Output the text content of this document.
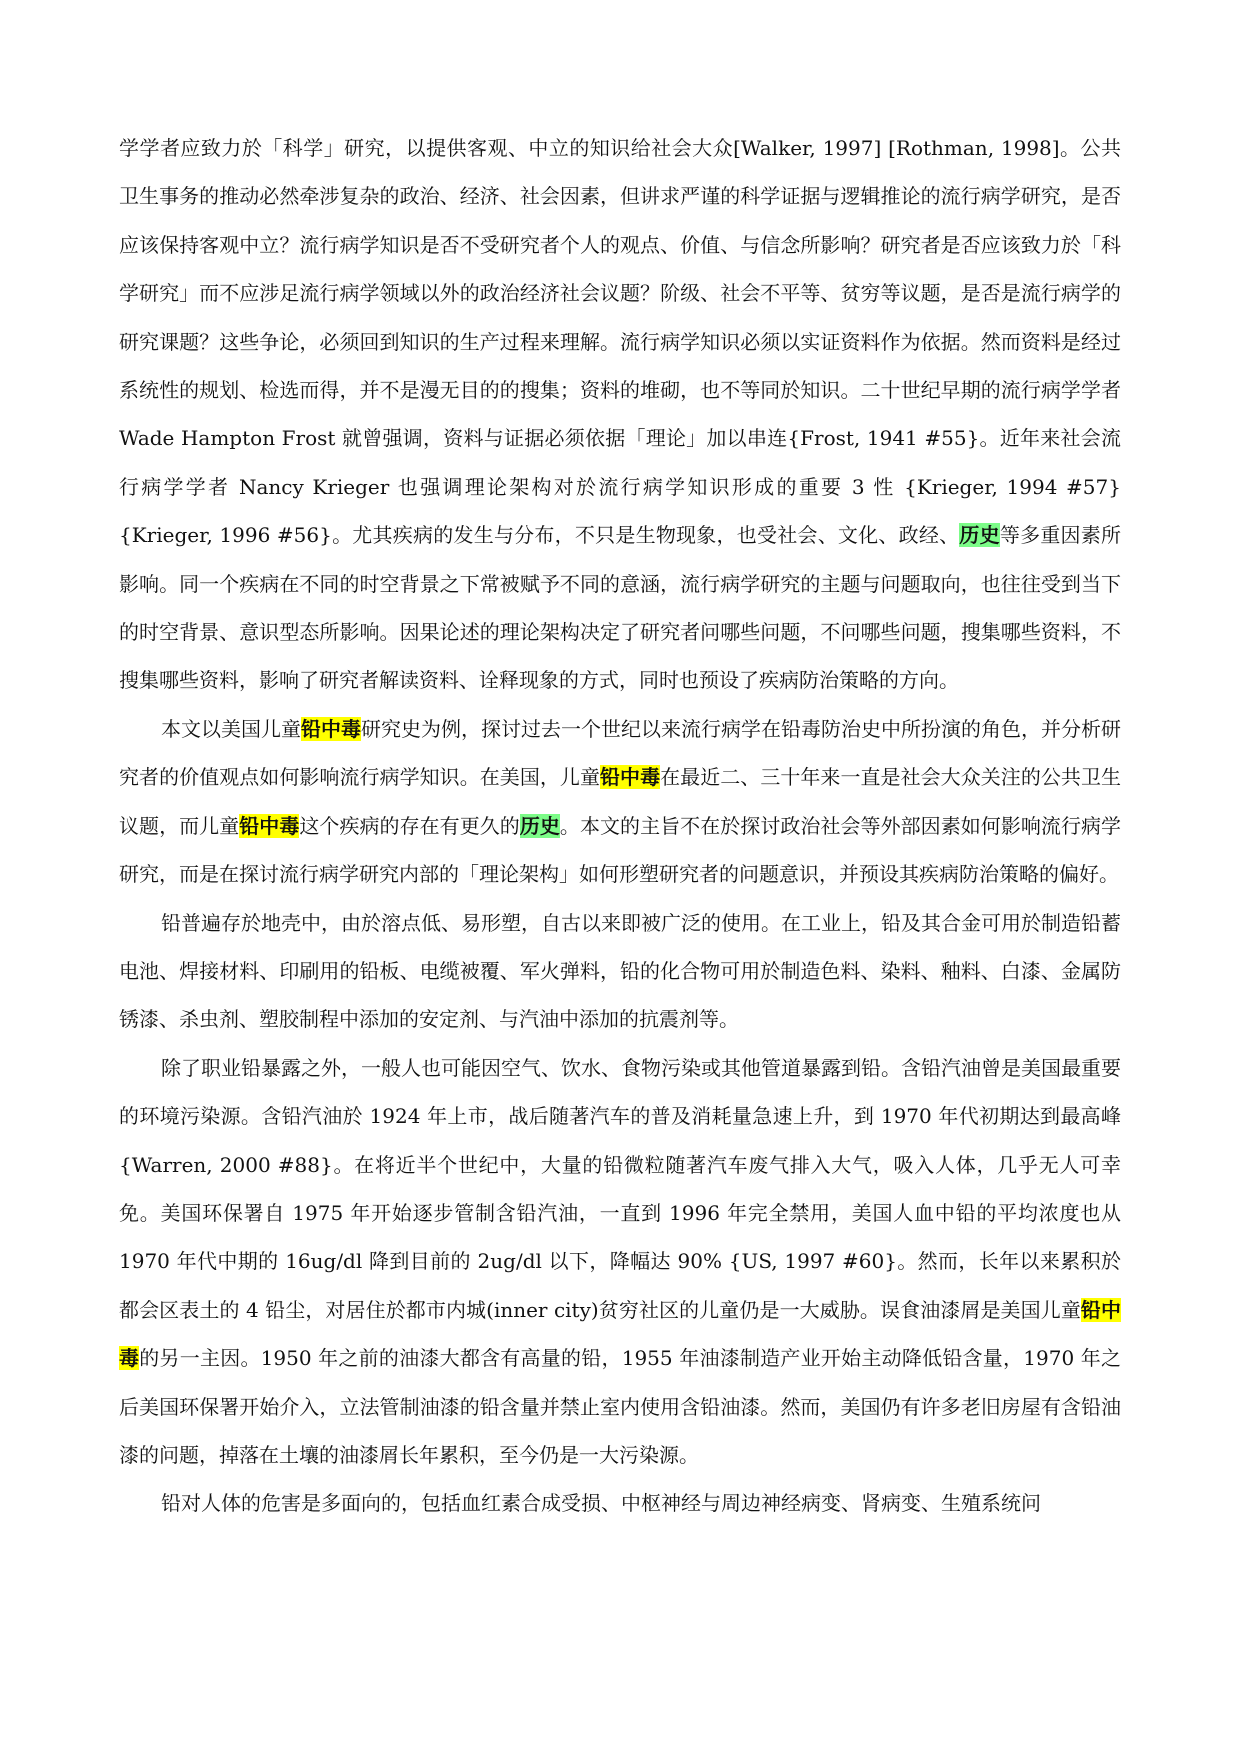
学学者应致力於「科学」研究，以提供客观、中立的知识给社会大众[Walker, 1997] [Rothman, 1998]。公共卫生事务的推动必然牵涉复杂的政治、经济、社会因素，但讲求严谨的科学证据与逻辑推论的流行病学研究，是否应该保持客观中立？流行病学知识是否不受研究者个人的观点、价值、与信念所影响？研究者是否应该致力於「科学研究」而不应涉足流行病学领域以外的政治经济社会议题？阶级、社会不平等、贫穷等议题，是否是流行病学的研究课题？这些争论，必须回到知识的生产过程来理解。流行病学知识必须以实证资料作为依据。然而资料是经过系统性的规划、检选而得，并不是漫无目的的搜集；资料的堆砌，也不等同於知识。二十世纪早期的流行病学学者 Wade Hampton Frost 就曾强调，资料与证据必须依据「理论」加以串连{Frost, 1941 #55}。近年来社会流行病学学者 Nancy Krieger 也强调理论架构对於流行病学知识形成的重要 3 性 {Krieger, 1994 #57}{Krieger, 1996 #56}。尤其疾病的发生与分布，不只是生物现象，也受社会、文化、政经、历史等多重因素所影响。同一个疾病在不同的时空背景之下常被赋予不同的意涵，流行病学研究的主题与问题取向，也往往受到当下的时空背景、意识型态所影响。因果论述的理论架构决定了研究者问哪些问题，不问哪些问题，搜集哪些资料，不搜集哪些资料，影响了研究者解读资料、诠释现象的方式，同时也预设了疾病防治策略的方向。

本文以美国儿童铅中毒研究史为例，探讨过去一个世纪以来流行病学在铅毒防治史中所扮演的角色，并分析研究者的价值观点如何影响流行病学知识。在美国，儿童铅中毒在最近二、三十年来一直是社会大众关注的公共卫生议题，而儿童铅中毒这个疾病的存在有更久的历史。本文的主旨不在於探讨政治社会等外部因素如何影响流行病学研究，而是在探讨流行病学研究内部的「理论架构」如何形塑研究者的问题意识，并预设其疾病防治策略的偏好。

铅普遍存於地壳中，由於溶点低、易形塑，自古以来即被广泛的使用。在工业上，铅及其合金可用於制造铅蓄电池、焊接材料、印刷用的铅板、电缆被覆、军火弹料，铅的化合物可用於制造色料、染料、釉料、白漆、金属防锈漆、杀虫剂、塑胶制程中添加的安定剂、与汽油中添加的抗震剂等。

除了职业铅暴露之外，一般人也可能因空气、饮水、食物污染或其他管道暴露到铅。含铅汽油曾是美国最重要的环境污染源。含铅汽油於 1924 年上市，战后随著汽车的普及消耗量急速上升，到 1970 年代初期达到最高峰{Warren, 2000 #88}。在将近半个世纪中，大量的铅微粒随著汽车废气排入大气，吸入人体，几乎无人可幸免。美国环保署自 1975 年开始逐步管制含铅汽油，一直到 1996 年完全禁用，美国人血中铅的平均浓度也从 1970 年代中期的 16ug/dl 降到目前的 2ug/dl 以下，降幅达 90% {US, 1997 #60}。然而，长年以来累积於都会区表土的 4 铅尘，对居住於都市内城(inner city)贫穷社区的儿童仍是一大威胁。误食油漆屑是美国儿童铅中毒的另一主因。1950 年之前的油漆大都含有高量的铅，1955 年油漆制造产业开始主动降低铅含量，1970 年之后美国环保署开始介入，立法管制油漆的铅含量并禁止室内使用含铅油漆。然而，美国仍有许多老旧房屋有含铅油漆的问题，掉落在土壤的油漆屑长年累积，至今仍是一大污染源。

铅对人体的危害是多面向的，包括血红素合成受损、中枢神经与周边神经病变、肾病变、生殖系统问
